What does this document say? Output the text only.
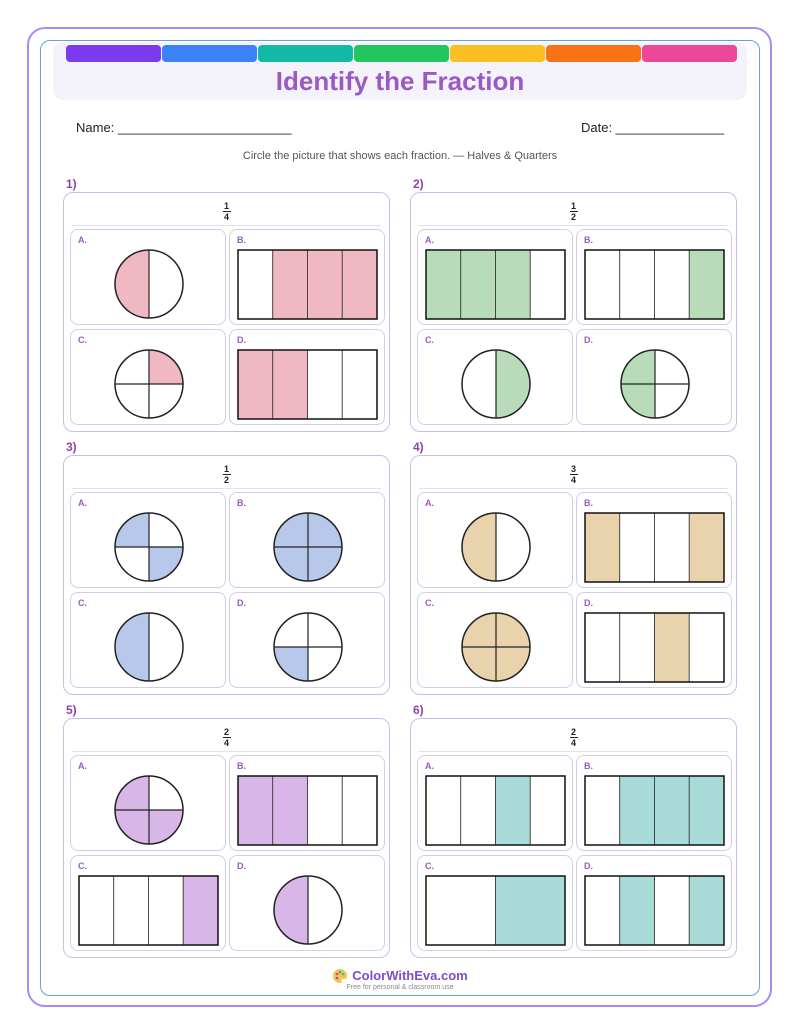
Identify the Fraction
Name: ________________________	Date: _______________
Circle the picture that shows each fraction. — Halves & Quarters
1)
1
4
A.	B.
C.	D.
2)
1
2
A.	B.
C.	D.
3)
1
2
A.	B.
C.	D.
4)
3
4
A.	B.
C.	D.
5)
2
4
A.	B.
C.	D.
6)
2
4
A.	B.
C.	D.
ColorWithEva.com
Free for personal & classroom use
